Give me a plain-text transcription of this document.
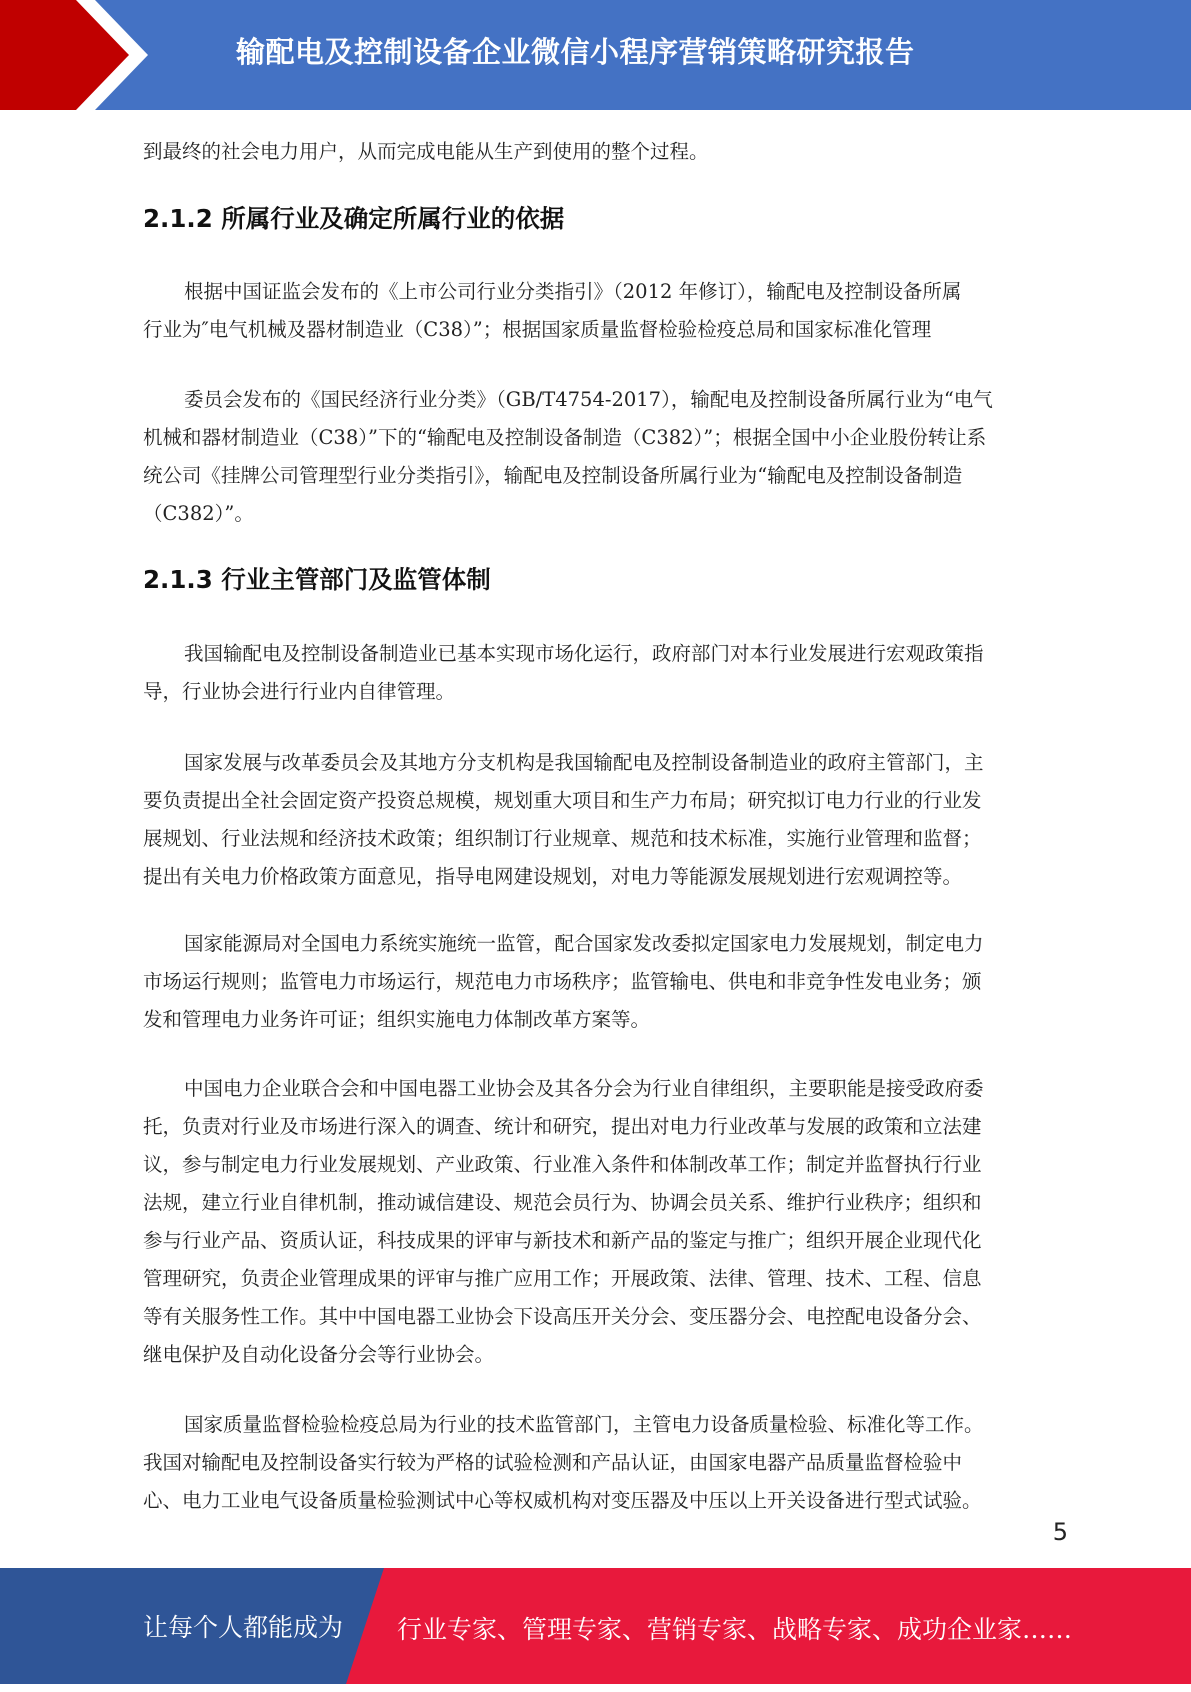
输配电及控制设备企业微信小程序营销策略研究报告
到最终的社会电力用户，从而完成电能从生产到使用的整个过程。
2.1.2 所属行业及确定所属行业的依据
根据中国证监会发布的《上市公司行业分类指引》（2012 年修订），输配电及控制设备所属
行业为″电气机械及器材制造业（C38）”；根据国家质量监督检验检疫总局和国家标准化管理
委员会发布的《国民经济行业分类》（GB/T4754-2017），输配电及控制设备所属行业为“电气
机械和器材制造业（C38）”下的“输配电及控制设备制造（C382）”；根据全国中小企业股份转让系
统公司《挂牌公司管理型行业分类指引》，输配电及控制设备所属行业为“输配电及控制设备制造
（C382）”。
2.1.3 行业主管部门及监管体制
我国输配电及控制设备制造业已基本实现市场化运行，政府部门对本行业发展进行宏观政策指
导，行业协会进行行业内自律管理。
国家发展与改革委员会及其地方分支机构是我国输配电及控制设备制造业的政府主管部门，主
要负责提出全社会固定资产投资总规模，规划重大项目和生产力布局；研究拟订电力行业的行业发
展规划、行业法规和经济技术政策；组织制订行业规章、规范和技术标准，实施行业管理和监督；
提出有关电力价格政策方面意见，指导电网建设规划，对电力等能源发展规划进行宏观调控等。
国家能源局对全国电力系统实施统一监管，配合国家发改委拟定国家电力发展规划，制定电力
市场运行规则；监管电力市场运行，规范电力市场秩序；监管输电、供电和非竞争性发电业务；颁
发和管理电力业务许可证；组织实施电力体制改革方案等。
中国电力企业联合会和中国电器工业协会及其各分会为行业自律组织，主要职能是接受政府委
托，负责对行业及市场进行深入的调查、统计和研究，提出对电力行业改革与发展的政策和立法建
议，参与制定电力行业发展规划、产业政策、行业准入条件和体制改革工作；制定并监督执行行业
法规，建立行业自律机制，推动诚信建设、规范会员行为、协调会员关系、维护行业秩序；组织和
参与行业产品、资质认证，科技成果的评审与新技术和新产品的鉴定与推广；组织开展企业现代化
管理研究，负责企业管理成果的评审与推广应用工作；开展政策、法律、管理、技术、工程、信息
等有关服务性工作。其中中国电器工业协会下设高压开关分会、变压器分会、电控配电设备分会、
继电保护及自动化设备分会等行业协会。
国家质量监督检验检疫总局为行业的技术监管部门，主管电力设备质量检验、标准化等工作。
我国对输配电及控制设备实行较为严格的试验检测和产品认证，由国家电器产品质量监督检验中
心、电力工业电气设备质量检验测试中心等权威机构对变压器及中压以上开关设备进行型式试验。
5
让每个人都能成为 行业专家、管理专家、营销专家、战略专家、成功企业家……
